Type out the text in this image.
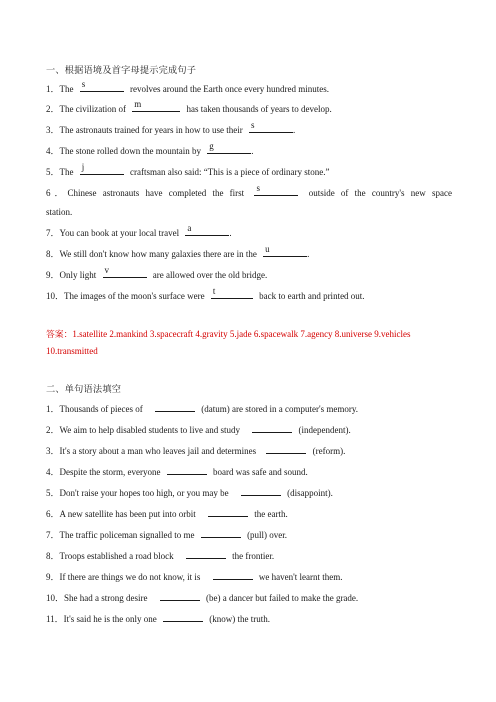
一、根据语境及首字母提示完成句子
1．The s	revolves around the Earth once every hundred minutes.
2．The civilization of m	has taken thousands of years to develop.
3．The astronauts trained for years in how to use their s	.
4．The stone rolled down the mountain by g	.
5．The j	craftsman also said: “This is a piece of ordinary stone.”
6．Chinese astronauts have completed the first s	outside of the country's new space
station.
7．You can book at your local travel a	.
8．We still don't know how many galaxies there are in the u	.
9．Only light v	are allowed over the old bridge.
10．The images of the moon's surface were t	back to earth and printed out.
答案：1.satellite 2.mankind 3.spacecraft 4.gravity 5.jade 6.spacewalk 7.agency 8.universe 9.vehicles
10.transmitted
二、单句语法填空
1．Thousands of pieces of	(datum) are stored in a computer's memory.
2．We aim to help disabled students to live and study	(independent).
3．It's a story about a man who leaves jail and determines	(reform).
4．Despite the storm, everyone	board was safe and sound.
5．Don't raise your hopes too high, or you may be	(disappoint).
6．A new satellite has been put into orbit	the earth.
7．The traffic policeman signalled to me	(pull) over.
8．Troops established a road block	the frontier.
9．If there are things we do not know, it is	we haven't learnt them.
10．She had a strong desire	(be) a dancer but failed to make the grade.
11．It's said he is the only one	(know) the truth.
